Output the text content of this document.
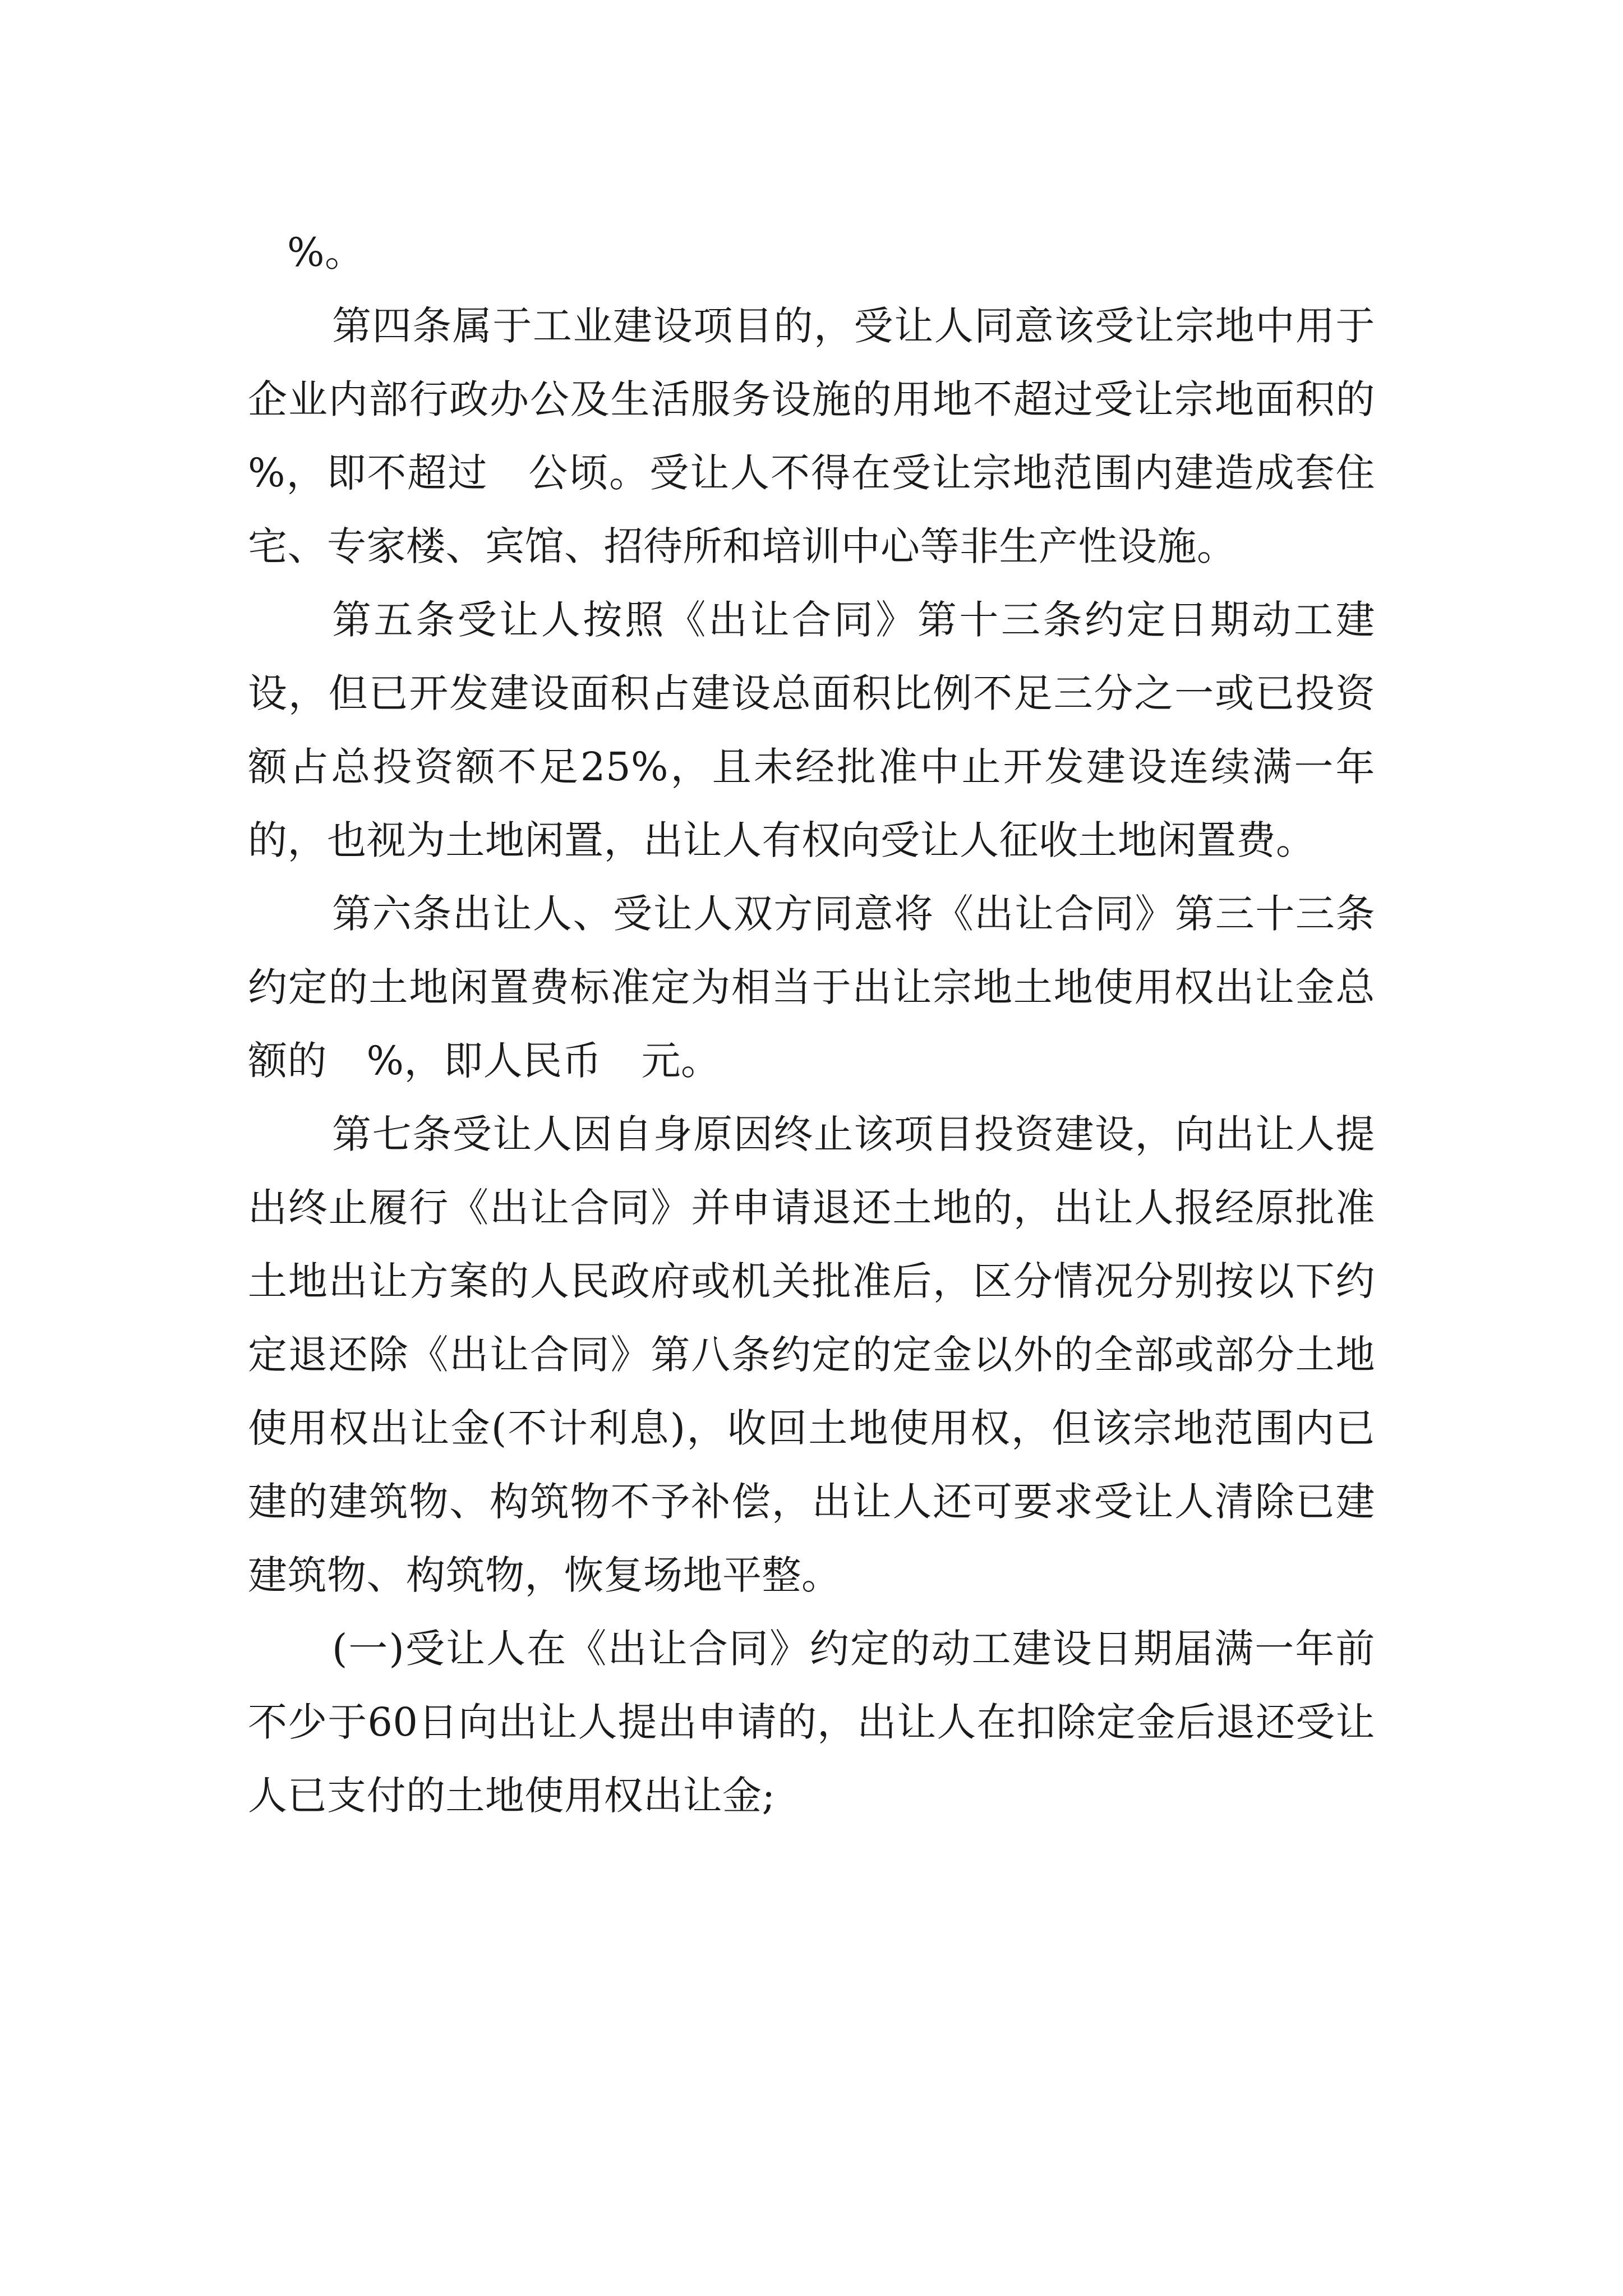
%。

第四条属于工业建设项目的，受让人同意该受让宗地中用于企业内部行政办公及生活服务设施的用地不超过受让宗地面积的　%，即不超过　公顷。受让人不得在受让宗地范围内建造成套住宅、专家楼、宾馆、招待所和培训中心等非生产性设施。

第五条受让人按照《出让合同》第十三条约定日期动工建设，但已开发建设面积占建设总面积比例不足三分之一或已投资额占总投资额不足25%，且未经批准中止开发建设连续满一年的，也视为土地闲置，出让人有权向受让人征收土地闲置费。

第六条出让人、受让人双方同意将《出让合同》第三十三条约定的土地闲置费标准定为相当于出让宗地土地使用权出让金总额的　%，即人民币　元。

第七条受让人因自身原因终止该项目投资建设，向出让人提出终止履行《出让合同》并申请退还土地的，出让人报经原批准土地出让方案的人民政府或机关批准后，区分情况分别按以下约定退还除《出让合同》第八条约定的定金以外的全部或部分土地使用权出让金(不计利息)，收回土地使用权，但该宗地范围内已建的建筑物、构筑物不予补偿，出让人还可要求受让人清除已建建筑物、构筑物，恢复场地平整。

(一)受让人在《出让合同》约定的动工建设日期届满一年前不少于60日向出让人提出申请的，出让人在扣除定金后退还受让人已支付的土地使用权出让金;
